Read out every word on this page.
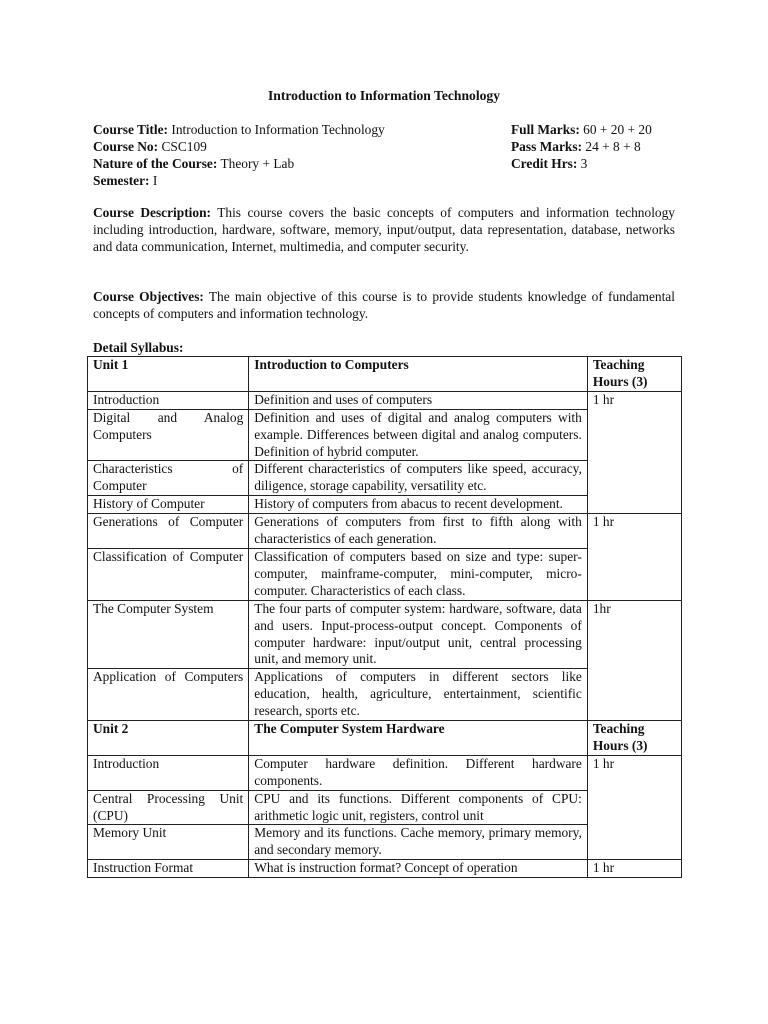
Introduction to Information Technology
Course Title: Introduction to Information Technology
Course No: CSC109
Nature of the Course: Theory + Lab
Semester: I
Full Marks: 60 + 20 + 20
Pass Marks: 24 + 8 + 8
Credit Hrs: 3
Course Description: This course covers the basic concepts of computers and information technology including introduction, hardware, software, memory, input/output, data representation, database, networks and data communication, Internet, multimedia, and computer security.
Course Objectives: The main objective of this course is to provide students knowledge of fundamental concepts of computers and information technology.
Detail Syllabus:
Unit 1	Introduction to Computers	Teaching Hours (3)
Introduction	Definition and uses of computers	1 hr
Digital and Analog Computers	Definition and uses of digital and analog computers with example. Differences between digital and analog computers. Definition of hybrid computer.	
Characteristics of Computer	Different characteristics of computers like speed, accuracy, diligence, storage capability, versatility etc.	
History of Computer	History of computers from abacus to recent development.	
Generations of Computer	Generations of computers from first to fifth along with characteristics of each generation.	1 hr
Classification of Computer	Classification of computers based on size and type: super-computer, mainframe-computer, mini-computer, micro-computer. Characteristics of each class.	
The Computer System	The four parts of computer system: hardware, software, data and users. Input-process-output concept. Components of computer hardware: input/output unit, central processing unit, and memory unit.	1hr
Application of Computers	Applications of computers in different sectors like education, health, agriculture, entertainment, scientific research, sports etc.	
Unit 2	The Computer System Hardware	Teaching Hours (3)
Introduction	Computer hardware definition. Different hardware components.	1 hr
Central Processing Unit (CPU)	CPU and its functions. Different components of CPU: arithmetic logic unit, registers, control unit	
Memory Unit	Memory and its functions. Cache memory, primary memory, and secondary memory.	
Instruction Format	What is instruction format? Concept of operation	1 hr
